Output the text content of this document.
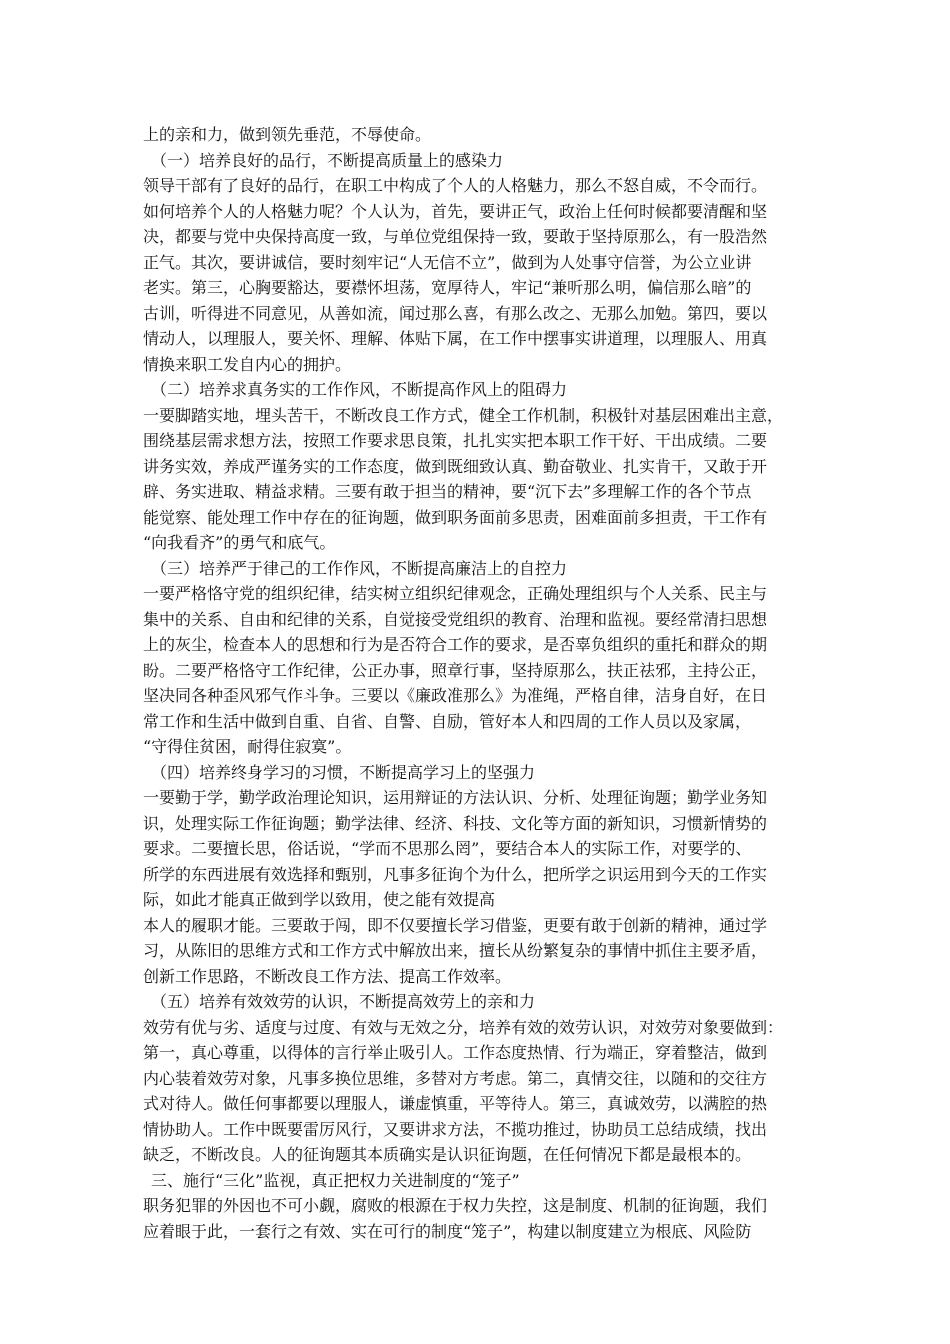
上的亲和力，做到领先垂范，不辱使命。
（一）培养良好的品行，不断提高质量上的感染力
领导干部有了良好的品行，在职工中构成了个人的人格魅力，那么不怒自威，不令而行。
如何培养个人的人格魅力呢？个人认为，首先，要讲正气，政治上任何时候都要清醒和坚
决，都要与党中央保持高度一致，与单位党组保持一致，要敢于坚持原那么，有一股浩然
正气。其次，要讲诚信，要时刻牢记“人无信不立”，做到为人处事守信誉，为公立业讲
老实。第三，心胸要豁达，要襟怀坦荡，宽厚待人，牢记“兼听那么明，偏信那么暗”的
古训，听得进不同意见，从善如流，闻过那么喜，有那么改之、无那么加勉。第四，要以
情动人，以理服人，要关怀、理解、体贴下属，在工作中摆事实讲道理，以理服人、用真
情换来职工发自内心的拥护。
（二）培养求真务实的工作作风，不断提高作风上的阻碍力
一要脚踏实地，埋头苦干，不断改良工作方式，健全工作机制，积极针对基层困难出主意，
围绕基层需求想方法，按照工作要求思良策，扎扎实实把本职工作干好、干出成绩。二要
讲务实效，养成严谨务实的工作态度，做到既细致认真、勤奋敬业、扎实肯干，又敢于开
辟、务实进取、精益求精。三要有敢于担当的精神，要“沉下去”多理解工作的各个节点
能觉察、能处理工作中存在的征询题，做到职务面前多思责，困难面前多担责，干工作有
“向我看齐”的勇气和底气。
（三）培养严于律己的工作作风，不断提高廉洁上的自控力
一要严格恪守党的组织纪律，结实树立组织纪律观念，正确处理组织与个人关系、民主与
集中的关系、自由和纪律的关系，自觉接受党组织的教育、治理和监视。要经常清扫思想
上的灰尘，检查本人的思想和行为是否符合工作的要求，是否辜负组织的重托和群众的期
盼。二要严格恪守工作纪律，公正办事，照章行事，坚持原那么，扶正祛邪，主持公正，
坚决同各种歪风邪气作斗争。三要以《廉政准那么》为准绳，严格自律，洁身自好，在日
常工作和生活中做到自重、自省、自警、自励，管好本人和四周的工作人员以及家属，
“守得住贫困，耐得住寂寞”。
（四）培养终身学习的习惯，不断提高学习上的坚强力
一要勤于学，勤学政治理论知识，运用辩证的方法认识、分析、处理征询题；勤学业务知
识，处理实际工作征询题；勤学法律、经济、科技、文化等方面的新知识，习惯新情势的
要求。二要擅长思，俗话说，“学而不思那么罔”，要结合本人的实际工作，对要学的、
所学的东西进展有效选择和甄别，凡事多征询个为什么，把所学之识运用到今天的工作实
际，如此才能真正做到学以致用，使之能有效提高
本人的履职才能。三要敢于闯，即不仅要擅长学习借鉴，更要有敢于创新的精神，通过学
习，从陈旧的思维方式和工作方式中解放出来，擅长从纷繁复杂的事情中抓住主要矛盾，
创新工作思路，不断改良工作方法、提高工作效率。
（五）培养有效效劳的认识，不断提高效劳上的亲和力
效劳有优与劣、适度与过度、有效与无效之分，培养有效的效劳认识，对效劳对象要做到：
第一，真心尊重，以得体的言行举止吸引人。工作态度热情、行为端正，穿着整洁，做到
内心装着效劳对象，凡事多换位思维，多替对方考虑。第二，真情交往，以随和的交往方
式对待人。做任何事都要以理服人，谦虚慎重，平等待人。第三，真诚效劳，以满腔的热
情协助人。工作中既要雷厉风行，又要讲求方法，不揽功推过，协助员工总结成绩，找出
缺乏，不断改良。人的征询题其本质确实是认识征询题，在任何情况下都是最根本的。
三、施行“三化”监视，真正把权力关进制度的“笼子”
职务犯罪的外因也不可小觑，腐败的根源在于权力失控，这是制度、机制的征询题，我们
应着眼于此，一套行之有效、实在可行的制度“笼子”，构建以制度建立为根底、风险防
